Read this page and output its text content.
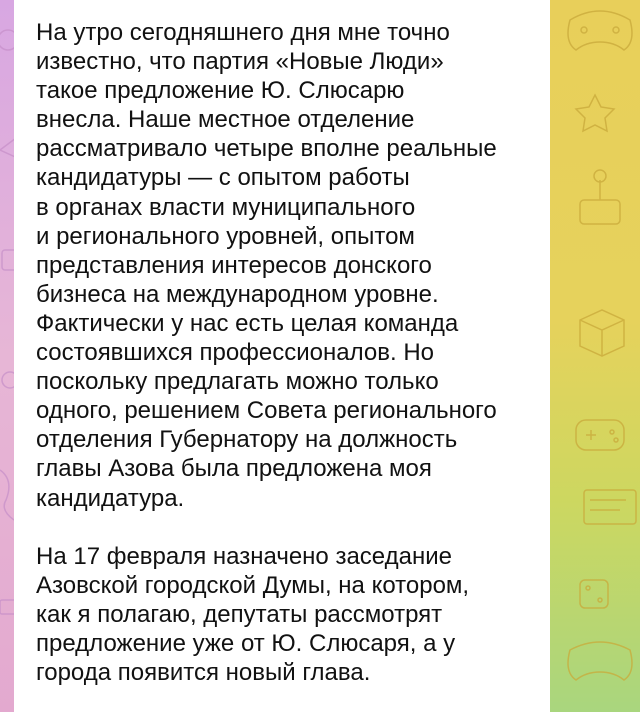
На утро сегодняшнего дня мне точно
известно, что партия «Новые Люди»
такое предложение Ю. Слюсарю
внесла. Наше местное отделение
рассматривало четыре вполне реальные
кандидатуры — с опытом работы
в органах власти муниципального
и регионального уровней, опытом
представления интересов донского
бизнеса на международном уровне.
Фактически у нас есть целая команда
состоявшихся профессионалов. Но
поскольку предлагать можно только
одного, решением Совета регионального
отделения Губернатору на должность
главы Азова была предложена моя
кандидатура.

На 17 февраля назначено заседание
Азовской городской Думы, на котором,
как я полагаю, депутаты рассмотрят
предложение уже от Ю. Слюсаря, а у
города появится новый глава.
